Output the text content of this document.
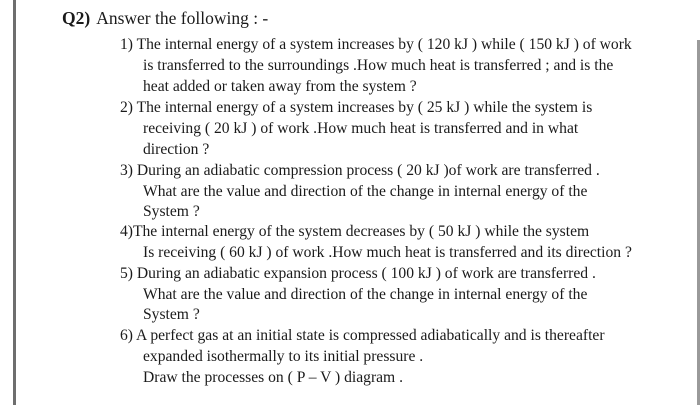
Q2) Answer the following : -
1) The internal energy of a system increases by ( 120 kJ ) while ( 150 kJ ) of work
is transferred to the surroundings .How much heat is transferred ; and is the
heat added or taken away from the system ?
2) The internal energy of a system increases by ( 25 kJ ) while the system is
receiving ( 20 kJ ) of work .How much heat is transferred and in what
direction ?
3) During an adiabatic compression process ( 20 kJ )of work are transferred .
What are the value and direction of the change in internal energy of the
System ?
4)The internal energy of the system decreases by ( 50 kJ ) while the system
Is receiving ( 60 kJ ) of work .How much heat is transferred and its direction ?
5) During an adiabatic expansion process ( 100 kJ ) of work are transferred .
What are the value and direction of the change in internal energy of the
System ?
6) A perfect gas at an initial state is compressed adiabatically and is thereafter
expanded isothermally to its initial pressure .
Draw the processes on ( P – V ) diagram .
